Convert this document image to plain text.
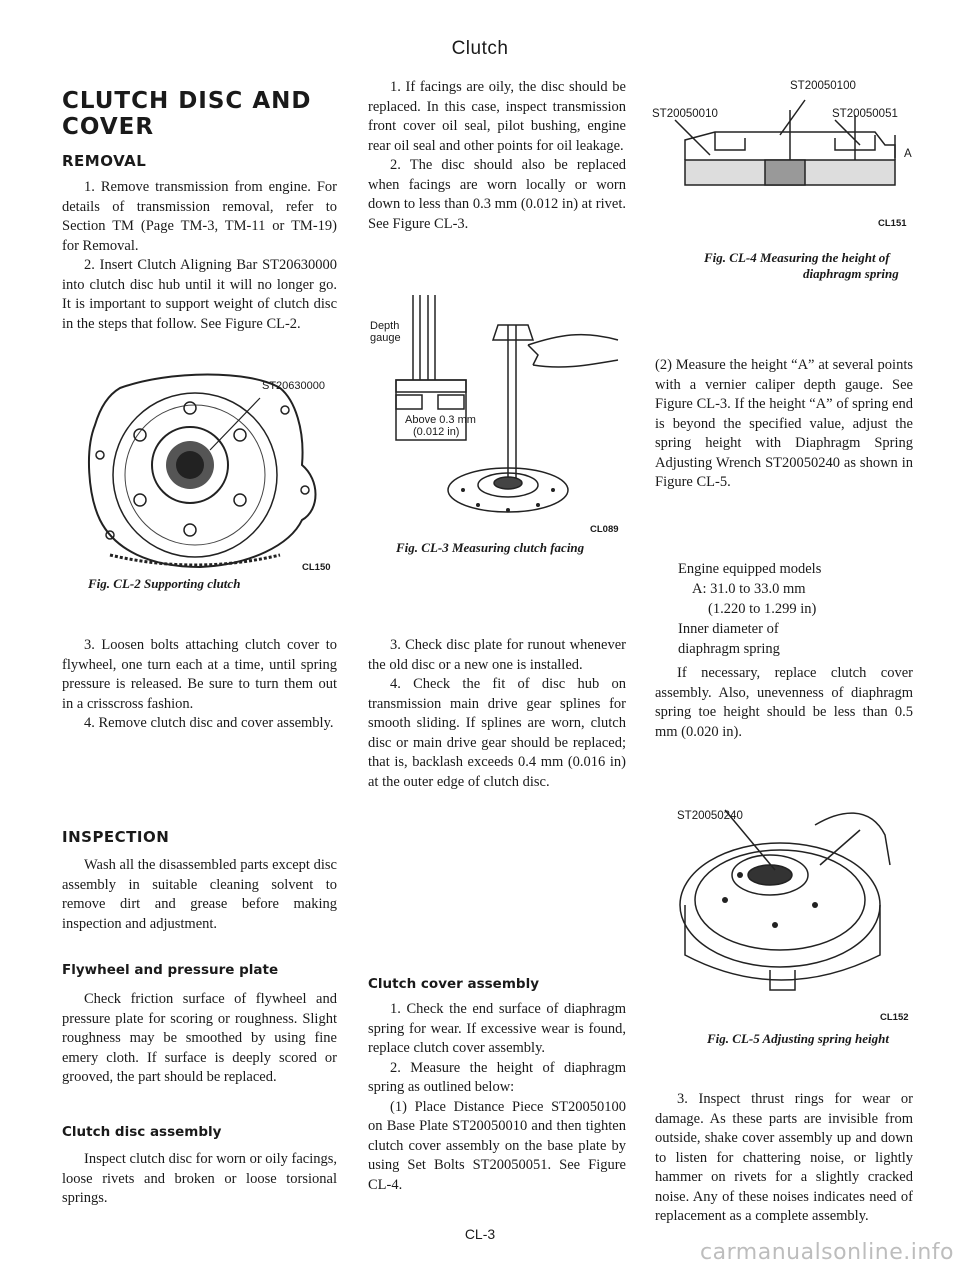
Clutch
CLUTCH DISC AND COVER
REMOVAL
1. Remove transmission from engine. For details of transmission removal, refer to Section TM (Page TM-3, TM-11 or TM-19) for Removal.
2. Insert Clutch Aligning Bar ST20630000 into clutch disc hub until it will no longer go. It is important to support weight of clutch disc in the steps that follow. See Figure CL-2.
ST20630000
CL150
Fig. CL-2 Supporting clutch
3. Loosen bolts attaching clutch cover to flywheel, one turn each at a time, until spring pressure is released. Be sure to turn them out in a crisscross fashion.
4. Remove clutch disc and cover assembly.
INSPECTION
Wash all the disassembled parts except disc assembly in suitable cleaning solvent to remove dirt and grease before making inspection and adjustment.
Flywheel and pressure plate
Check friction surface of flywheel and pressure plate for scoring or roughness. Slight roughness may be smoothed by using fine emery cloth. If surface is deeply scored or grooved, the part should be replaced.
Clutch disc assembly
Inspect clutch disc for worn or oily facings, loose rivets and broken or loose torsional springs.
1. If facings are oily, the disc should be replaced. In this case, inspect transmission front cover oil seal, pilot bushing, engine rear oil seal and other points for oil leakage.
2. The disc should also be replaced when facings are worn locally or worn down to less than 0.3 mm (0.012 in) at rivet. See Figure CL-3.
Depth gauge
Above 0.3 mm
(0.012 in)
CL089
Fig. CL-3 Measuring clutch facing
3. Check disc plate for runout whenever the old disc or a new one is installed.
4. Check the fit of disc hub on transmission main drive gear splines for smooth sliding. If splines are worn, clutch disc or main drive gear should be replaced; that is, backlash exceeds 0.4 mm (0.016 in) at the outer edge of clutch disc.
Clutch cover assembly
1. Check the end surface of diaphragm spring for wear. If excessive wear is found, replace clutch cover assembly.
2. Measure the height of diaphragm spring as outlined below:
(1) Place Distance Piece ST20050100 on Base Plate ST20050010 and then tighten clutch cover assembly on the base plate by using Set Bolts ST20050051. See Figure CL-4.
ST20050100
ST20050010	ST20050051
A
CL151
Fig. CL-4 Measuring the height of
diaphragm spring
(2) Measure the height “A” at several points with a vernier caliper depth gauge. See Figure CL-3. If the height “A” of spring end is beyond the specified value, adjust the spring height with Diaphragm Spring Adjusting Wrench ST20050240 as shown in Figure CL-5.
Engine equipped models
A: 31.0 to 33.0 mm
(1.220 to 1.299 in)
Inner diameter of diaphragm spring
If necessary, replace clutch cover assembly. Also, unevenness of diaphragm spring toe height should be less than 0.5 mm (0.020 in).
ST20050240
CL152
Fig. CL-5 Adjusting spring height
3. Inspect thrust rings for wear or damage. As these parts are invisible from outside, shake cover assembly up and down to listen for chattering noise, or lightly hammer on rivets for a slightly cracked noise. Any of these noises indicates need of replacement as a complete assembly.
CL-3
carmanualsonline.info
